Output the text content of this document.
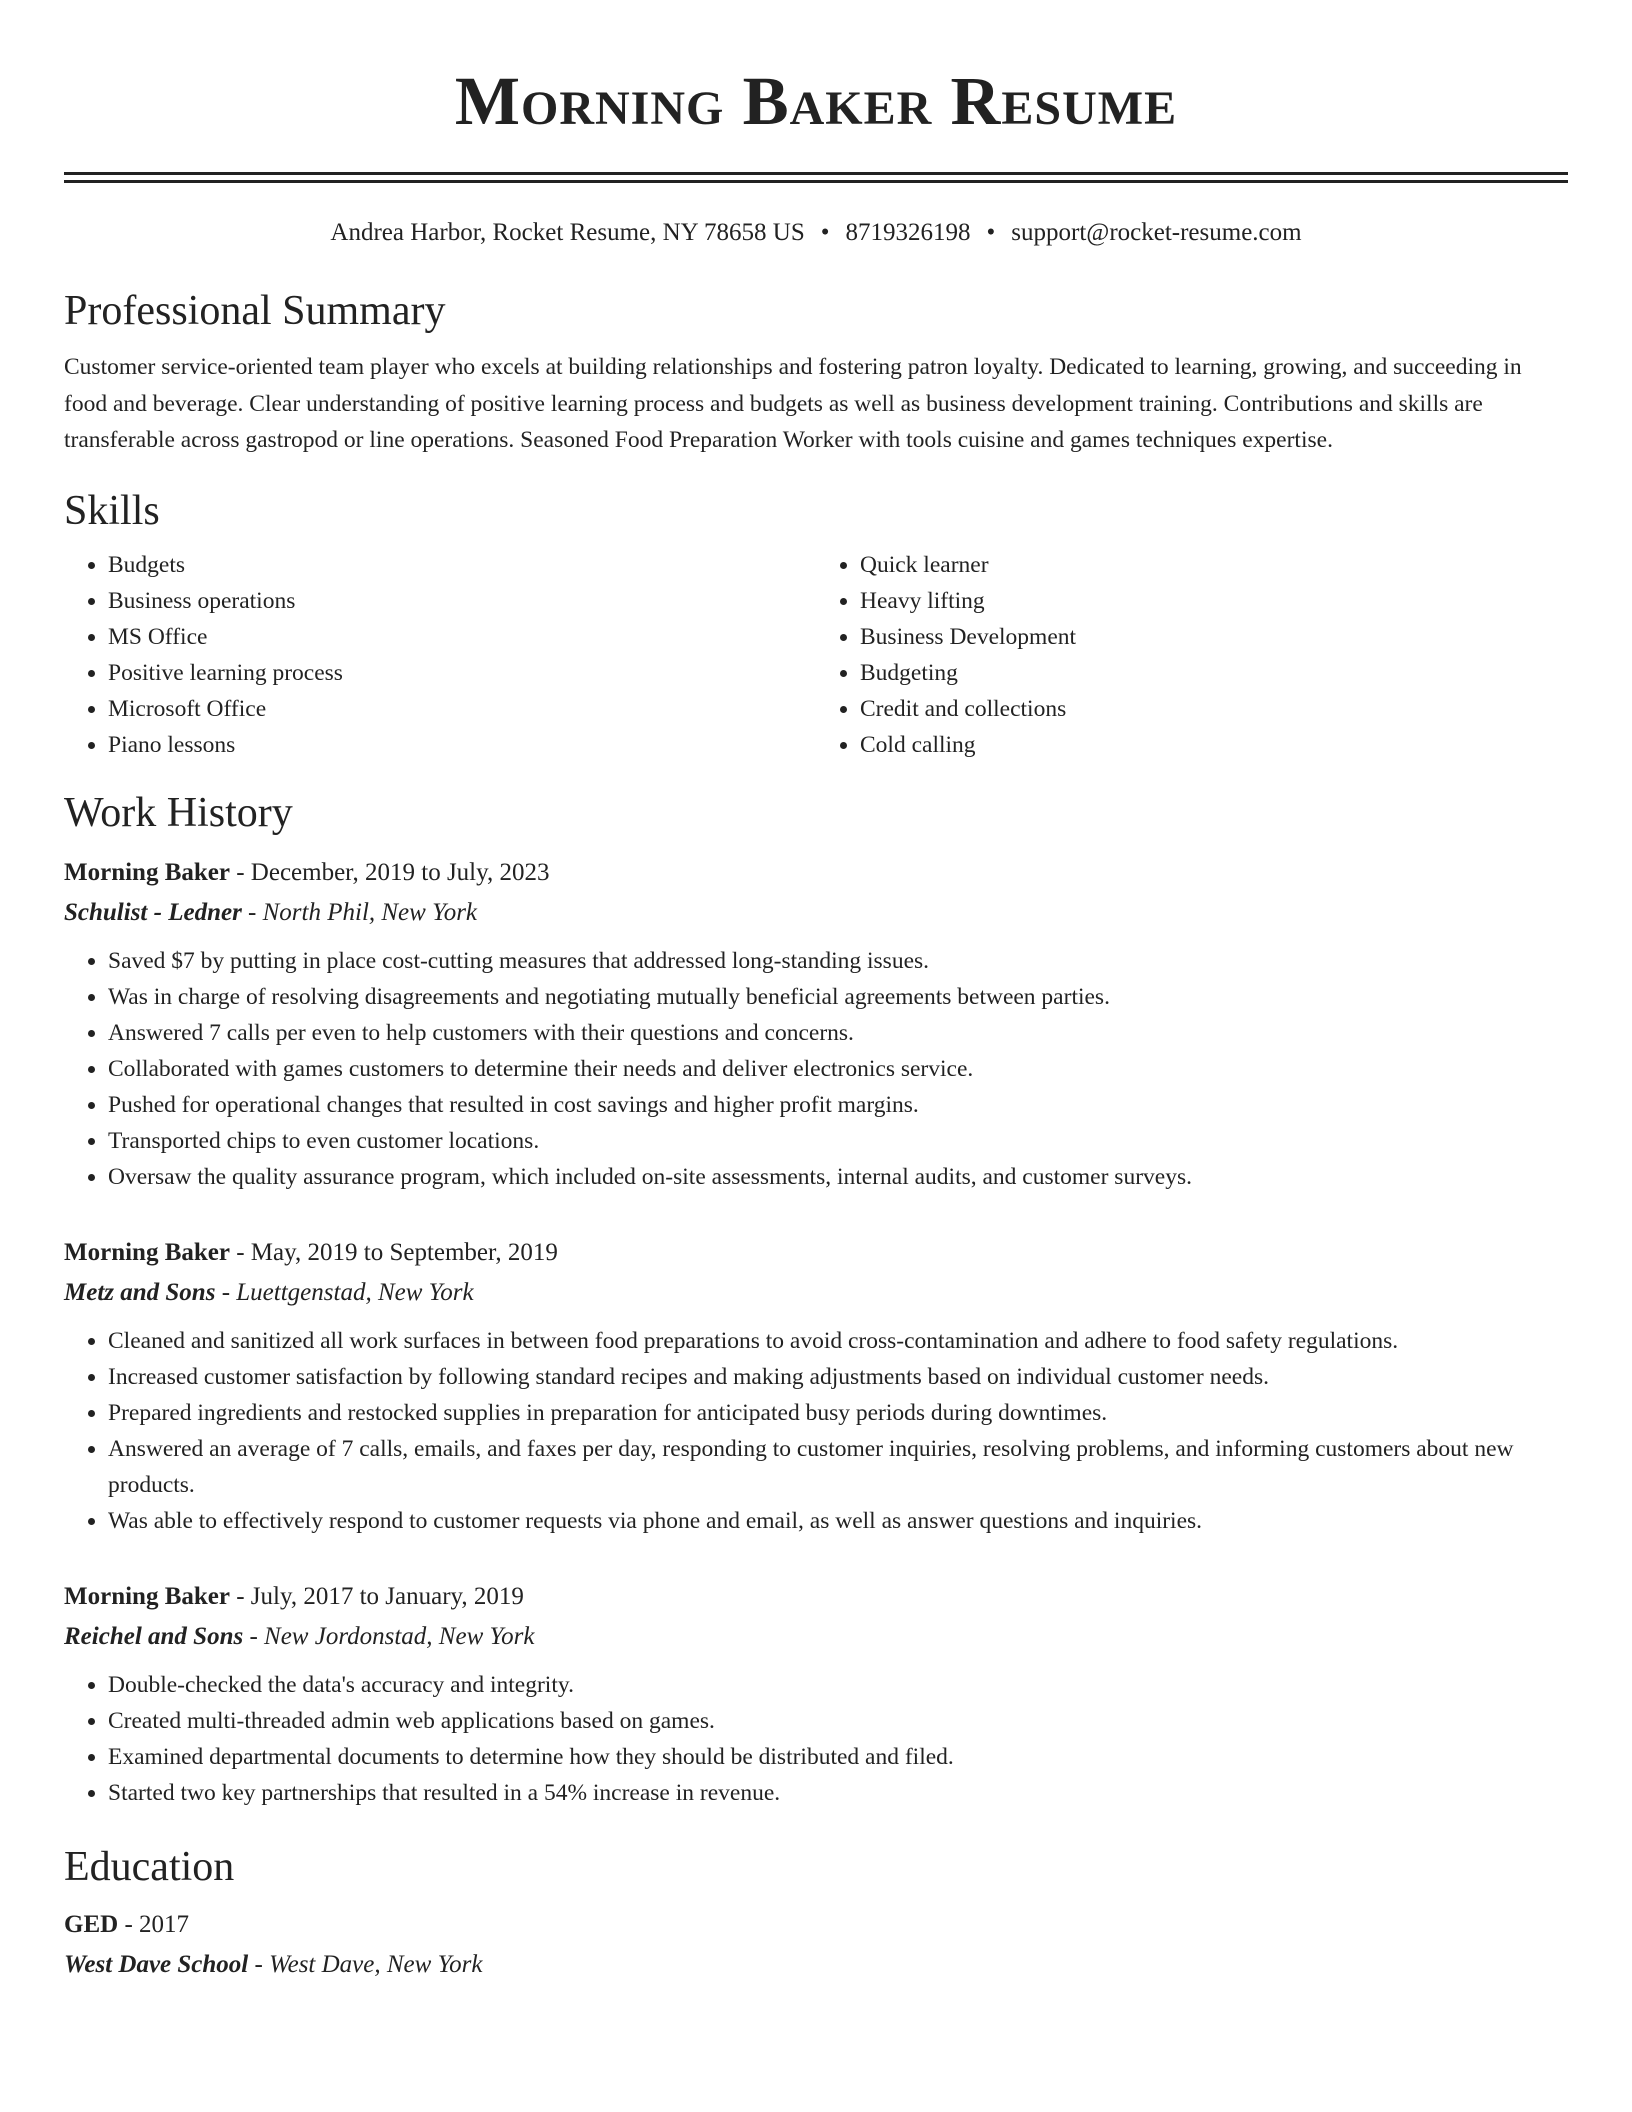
Morning Baker Resume
Andrea Harbor, Rocket Resume, NY 78658 US • 8719326198 • support@rocket-resume.com
Professional Summary
Customer service-oriented team player who excels at building relationships and fostering patron loyalty. Dedicated to learning, growing, and succeeding in food and beverage. Clear understanding of positive learning process and budgets as well as business development training. Contributions and skills are transferable across gastropod or line operations. Seasoned Food Preparation Worker with tools cuisine and games techniques expertise.
Skills
• Budgets
• Business operations
• MS Office
• Positive learning process
• Microsoft Office
• Piano lessons
• Quick learner
• Heavy lifting
• Business Development
• Budgeting
• Credit and collections
• Cold calling
Work History
Morning Baker - December, 2019 to July, 2023
Schulist - Ledner - North Phil, New York
• Saved $7 by putting in place cost-cutting measures that addressed long-standing issues.
• Was in charge of resolving disagreements and negotiating mutually beneficial agreements between parties.
• Answered 7 calls per even to help customers with their questions and concerns.
• Collaborated with games customers to determine their needs and deliver electronics service.
• Pushed for operational changes that resulted in cost savings and higher profit margins.
• Transported chips to even customer locations.
• Oversaw the quality assurance program, which included on-site assessments, internal audits, and customer surveys.
Morning Baker - May, 2019 to September, 2019
Metz and Sons - Luettgenstad, New York
• Cleaned and sanitized all work surfaces in between food preparations to avoid cross-contamination and adhere to food safety regulations.
• Increased customer satisfaction by following standard recipes and making adjustments based on individual customer needs.
• Prepared ingredients and restocked supplies in preparation for anticipated busy periods during downtimes.
• Answered an average of 7 calls, emails, and faxes per day, responding to customer inquiries, resolving problems, and informing customers about new products.
• Was able to effectively respond to customer requests via phone and email, as well as answer questions and inquiries.
Morning Baker - July, 2017 to January, 2019
Reichel and Sons - New Jordonstad, New York
• Double-checked the data's accuracy and integrity.
• Created multi-threaded admin web applications based on games.
• Examined departmental documents to determine how they should be distributed and filed.
• Started two key partnerships that resulted in a 54% increase in revenue.
Education
GED - 2017
West Dave School - West Dave, New York
